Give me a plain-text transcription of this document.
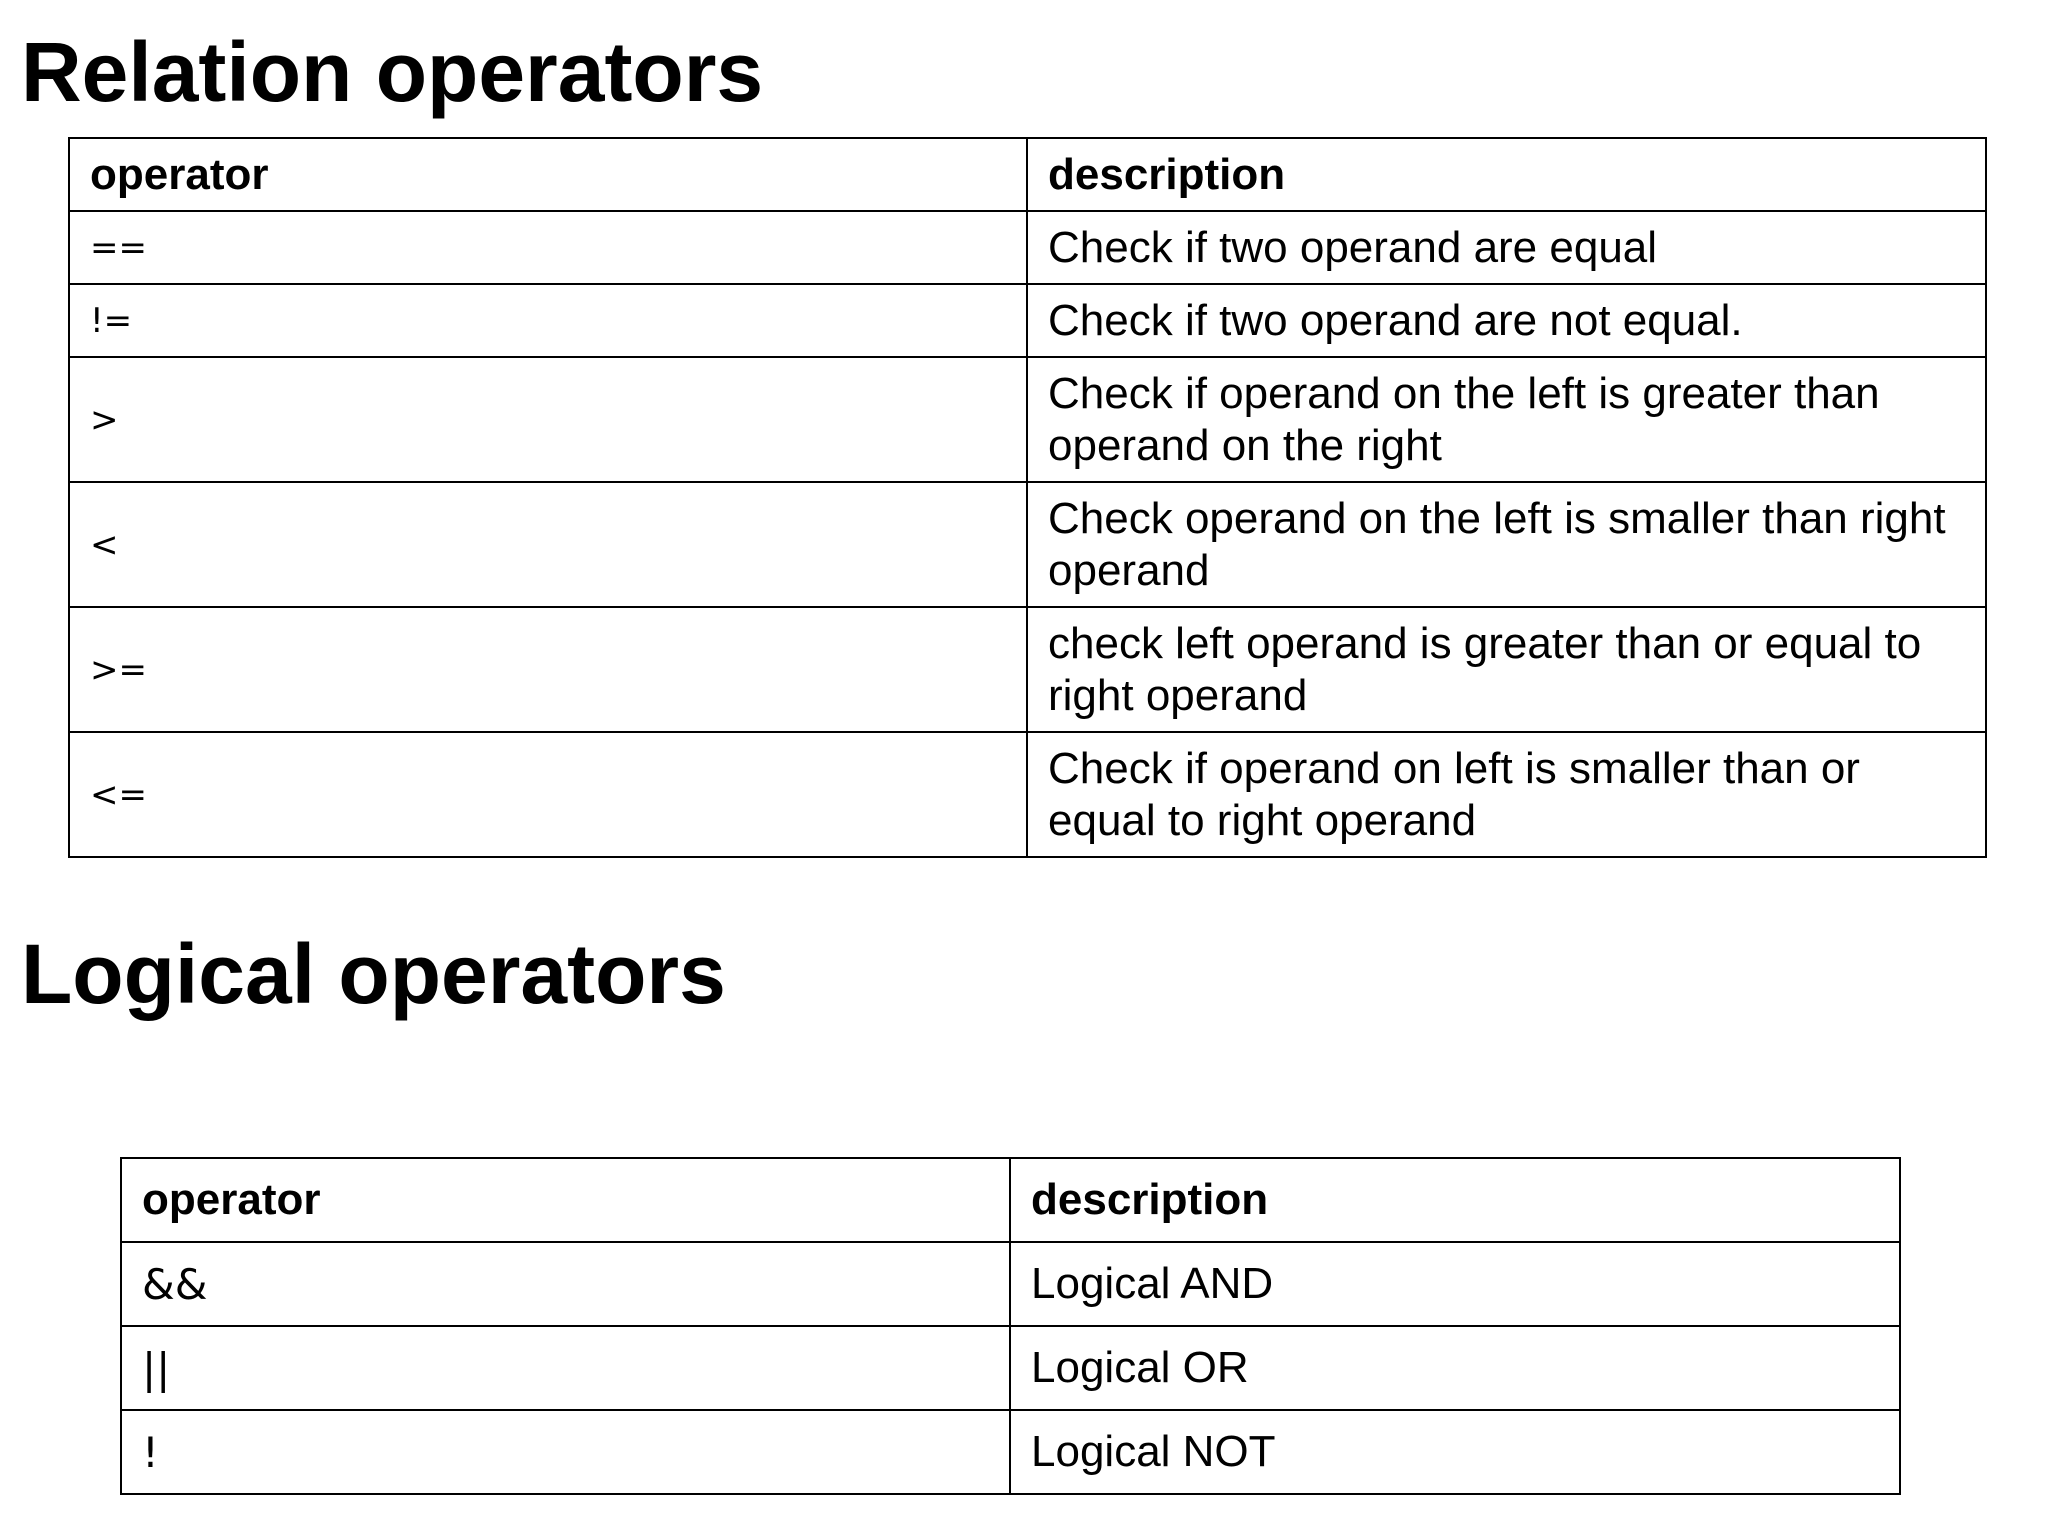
Relation operators
operator	description
==	Check if two operand are equal
!=	Check if two operand are not equal.
>	Check if operand on the left is greater than operand on the right
<	Check operand on the left is smaller than right operand
>=	check left operand is greater than or equal to right operand
<=	Check if operand on left is smaller than or equal to right operand
Logical operators
operator	description
&&	Logical AND
||	Logical OR
!	Logical NOT
